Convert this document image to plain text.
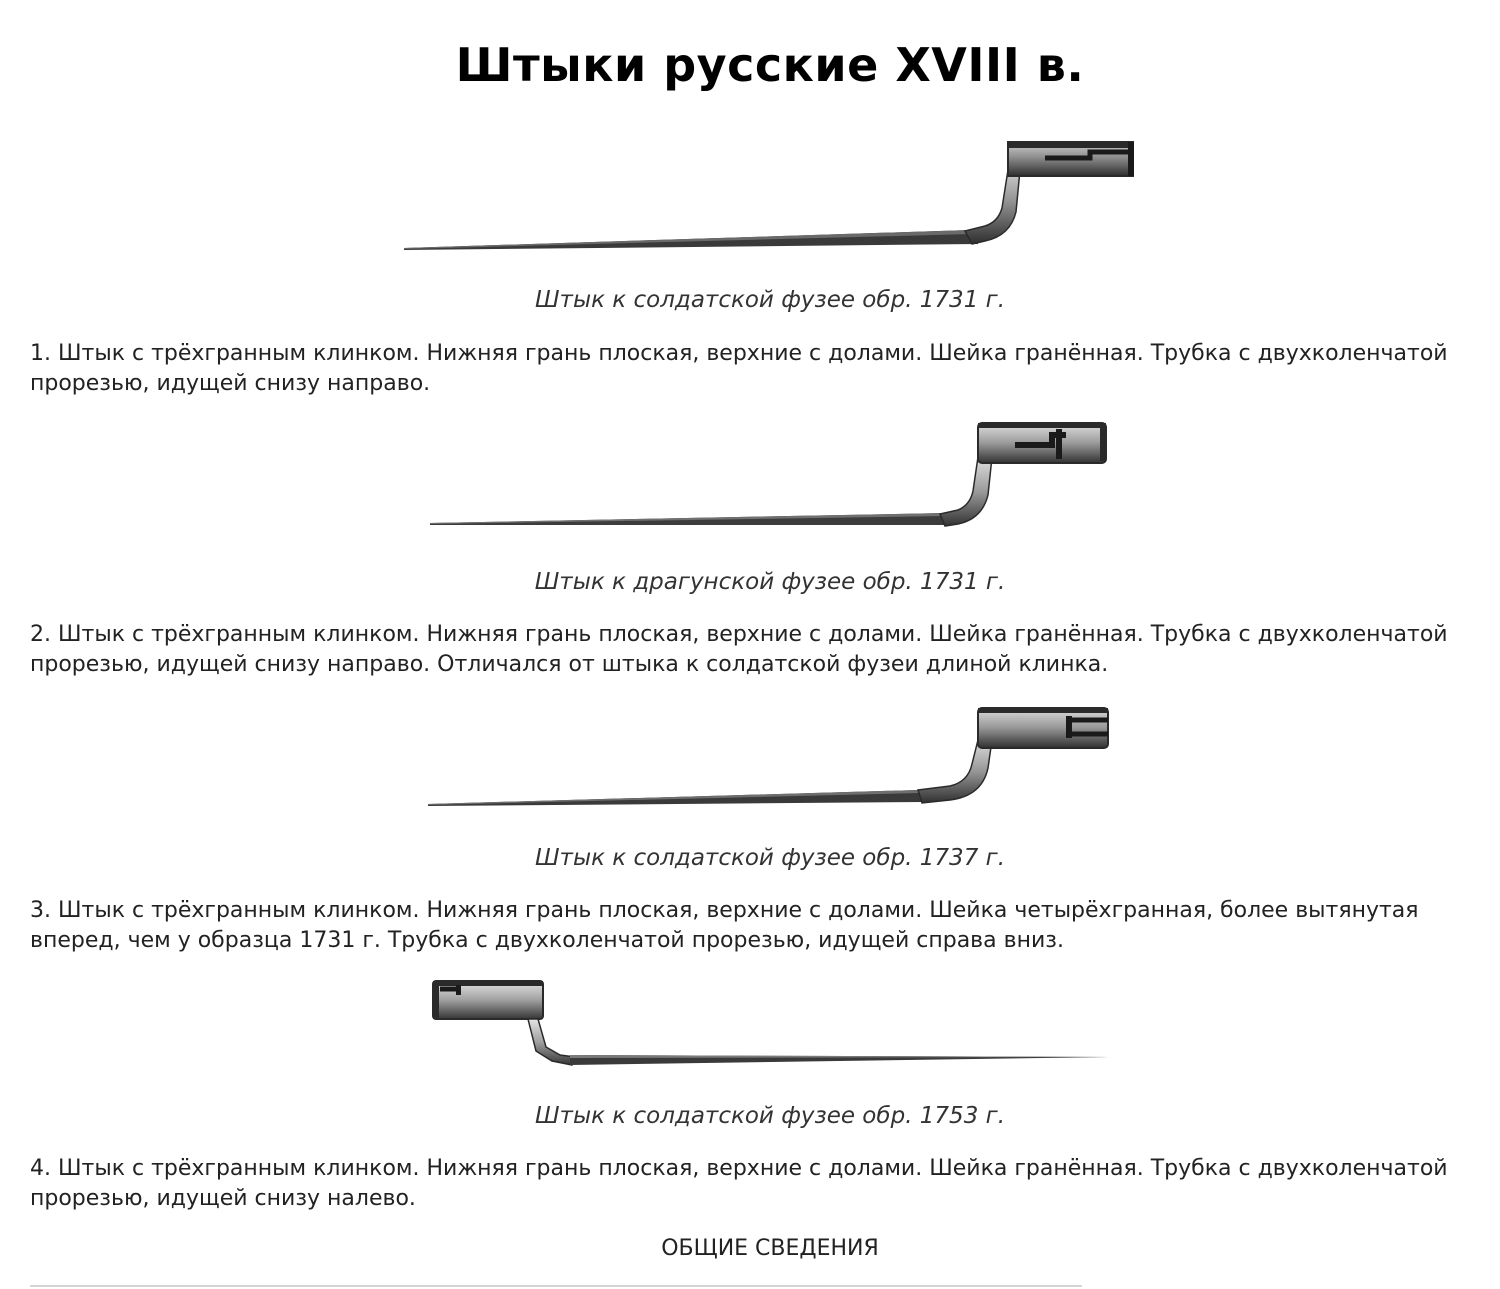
Штыки русские XVIII в.
Штык к солдатской фузее обр. 1731 г.

1. Штык с трёхгранным клинком. Нижняя грань плоская, верхние с долами. Шейка гранённая. Трубка с двухколенчатой прорезью, идущей снизу направо.

Штык к драгунской фузее обр. 1731 г.

2. Штык с трёхгранным клинком. Нижняя грань плоская, верхние с долами. Шейка гранённая. Трубка с двухколенчатой прорезью, идущей снизу направо. Отличался от штыка к солдатской фузеи длиной клинка.

Штык к солдатской фузее обр. 1737 г.

3. Штык с трёхгранным клинком. Нижняя грань плоская, верхние с долами. Шейка четырёхгранная, более вытянутая вперед, чем у образца 1731 г. Трубка с двухколенчатой прорезью, идущей справа вниз.

Штык к солдатской фузее обр. 1753 г.

4. Штык с трёхгранным клинком. Нижняя грань плоская, верхние с долами. Шейка гранённая. Трубка с двухколенчатой прорезью, идущей снизу налево.

ОБЩИЕ СВЕДЕНИЯ
